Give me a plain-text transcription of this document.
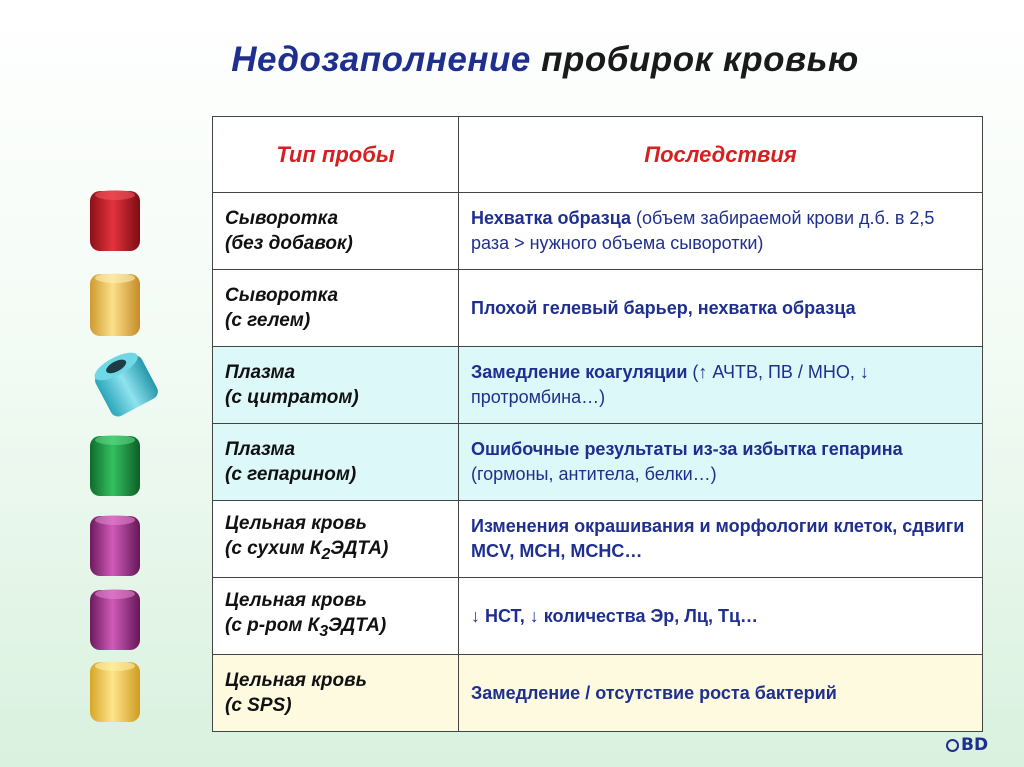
Недозаполнение пробирок кровью
Тип пробы	Последствия
Сыворотка
(без добавок)	Нехватка образца (объем забираемой крови д.б. в 2,5 раза > нужного объема сыворотки)
Сыворотка
(с гелем)	Плохой гелевый барьер, нехватка образца
Плазма
(с цитратом)	Замедление коагуляции (↑ АЧТВ, ПВ / МНО, ↓ протромбина…)
Плазма
(с гепарином)	Ошибочные результаты из-за избытка гепарина (гормоны, антитела, белки…)
Цельная кровь
(с сухим $К_2ЭДТА$)	Изменения окрашивания и морфологии клеток, сдвиги MCV, MCH, MCHC…
Цельная кровь
(с р-ром $К_3ЭДТА$)	↓ НСТ, ↓ количества Эр, Лц, Тц…
Цельная кровь
(с SPS)	Замедление / отсутствие роста бактерий
BD
